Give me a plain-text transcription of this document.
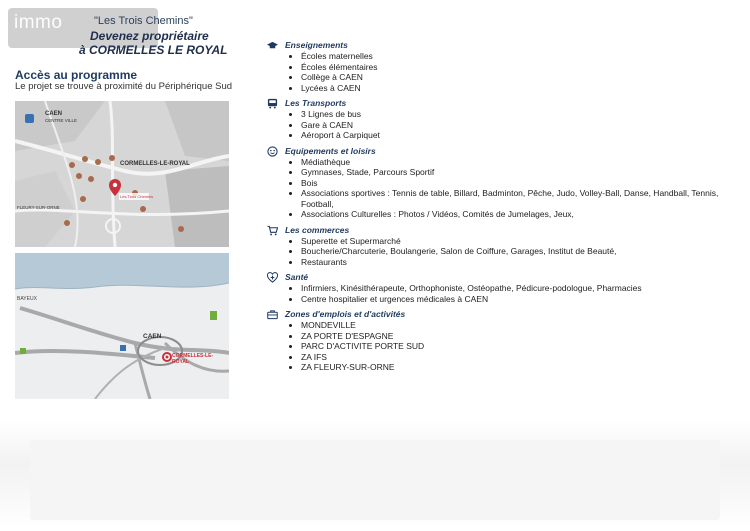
immo	"Les Trois Chemins"
Devenez propriétaire
à CORMELLES LE ROYAL
Accès au programme
Le projet se trouve à proximité du Périphérique Sud
CAEN
CENTRE VILLE
CORMELLES-LE-ROYAL
FLEURY-SUR-ORNE
Les Trois Chemins
BAYEUX
CAEN
CORMELLES-LE-ROYAL
Enseignements
• Écoles maternelles
• Écoles élémentaires
• Collège à CAEN
• Lycées à CAEN
Les Transports
• 3 Lignes de bus
• Gare à CAEN
• Aéroport à Carpiquet
Equipements et loisirs
• Médiathèque
• Gymnases, Stade, Parcours Sportif
• Bois
• Associations sportives : Tennis de table, Billard, Badminton, Pêche, Judo, Volley-Ball, Danse, Handball, Tennis, Football,
• Associations Culturelles : Photos / Vidéos, Comités de Jumelages, Jeux,
Les commerces
• Superette et Supermarché
• Boucherie/Charcuterie, Boulangerie, Salon de Coiffure, Garages, Institut de Beauté,
• Restaurants
Santé
• Infirmiers, Kinésithérapeute, Orthophoniste, Ostéopathe, Pédicure-podologue, Pharmacies
• Centre hospitalier et urgences médicales à CAEN
Zones d'emplois et d'activités
• MONDEVILLE
• ZA PORTE D'ESPAGNE
• PARC D'ACTIVITE PORTE SUD
• ZA IFS
• ZA FLEURY-SUR-ORNE
